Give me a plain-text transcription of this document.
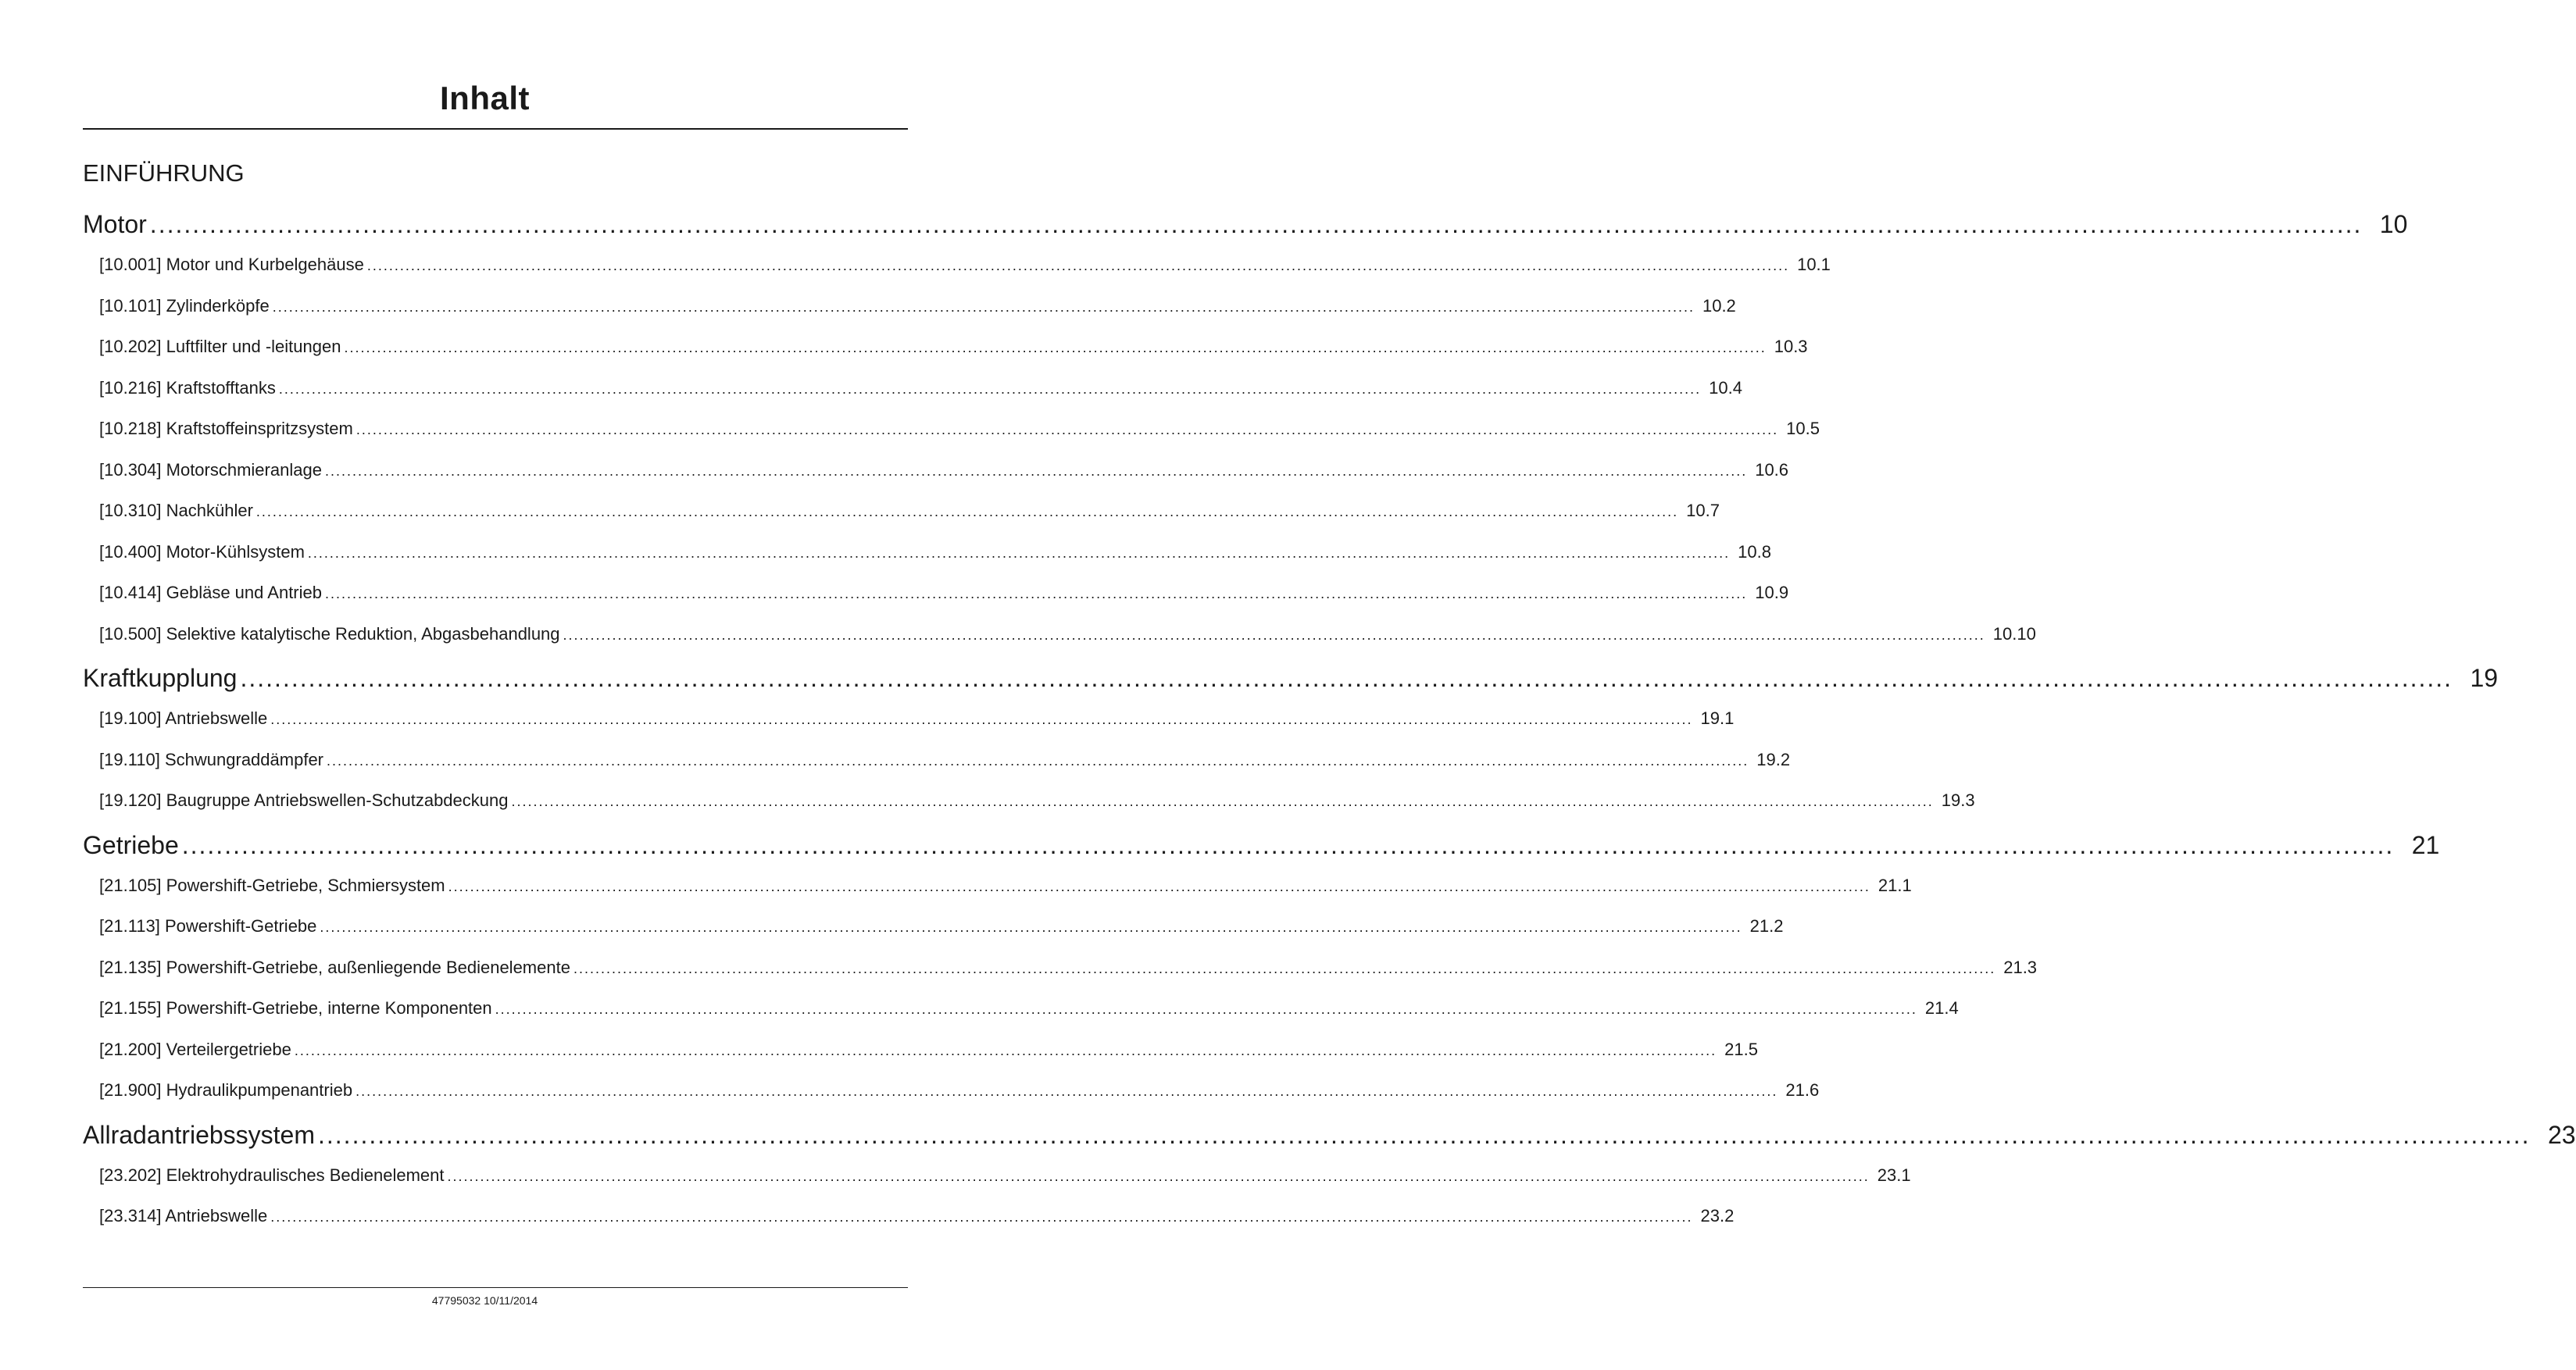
Inhalt
EINFÜHRUNG
Motor .................................................................................................................................................................................................................................................................... 10
[10.001] Motor und Kurbelgehäuse .................................................................................................................................................................................................................................................................... 10.1
[10.101] Zylinderköpfe .................................................................................................................................................................................................................................................................... 10.2
[10.202] Luftfilter und -leitungen .................................................................................................................................................................................................................................................................... 10.3
[10.216] Kraftstofftanks .................................................................................................................................................................................................................................................................... 10.4
[10.218] Kraftstoffeinspritzsystem .................................................................................................................................................................................................................................................................... 10.5
[10.304] Motorschmieranlage .................................................................................................................................................................................................................................................................... 10.6
[10.310] Nachkühler .................................................................................................................................................................................................................................................................... 10.7
[10.400] Motor-Kühlsystem .................................................................................................................................................................................................................................................................... 10.8
[10.414] Gebläse und Antrieb .................................................................................................................................................................................................................................................................... 10.9
[10.500] Selektive katalytische Reduktion, Abgasbehandlung .................................................................................................................................................................................................................................................................... 10.10
Kraftkupplung .................................................................................................................................................................................................................................................................... 19
[19.100] Antriebswelle .................................................................................................................................................................................................................................................................... 19.1
[19.110] Schwungraddämpfer .................................................................................................................................................................................................................................................................... 19.2
[19.120] Baugruppe Antriebswellen-Schutzabdeckung .................................................................................................................................................................................................................................................................... 19.3
Getriebe .................................................................................................................................................................................................................................................................... 21
[21.105] Powershift-Getriebe, Schmiersystem .................................................................................................................................................................................................................................................................... 21.1
[21.113] Powershift-Getriebe .................................................................................................................................................................................................................................................................... 21.2
[21.135] Powershift-Getriebe, außenliegende Bedienelemente .................................................................................................................................................................................................................................................................... 21.3
[21.155] Powershift-Getriebe, interne Komponenten .................................................................................................................................................................................................................................................................... 21.4
[21.200] Verteilergetriebe .................................................................................................................................................................................................................................................................... 21.5
[21.900] Hydraulikpumpenantrieb .................................................................................................................................................................................................................................................................... 21.6
Allradantriebssystem .................................................................................................................................................................................................................................................................... 23
[23.202] Elektrohydraulisches Bedienelement .................................................................................................................................................................................................................................................................... 23.1
[23.314] Antriebswelle .................................................................................................................................................................................................................................................................... 23.2
47795032 10/11/2014
